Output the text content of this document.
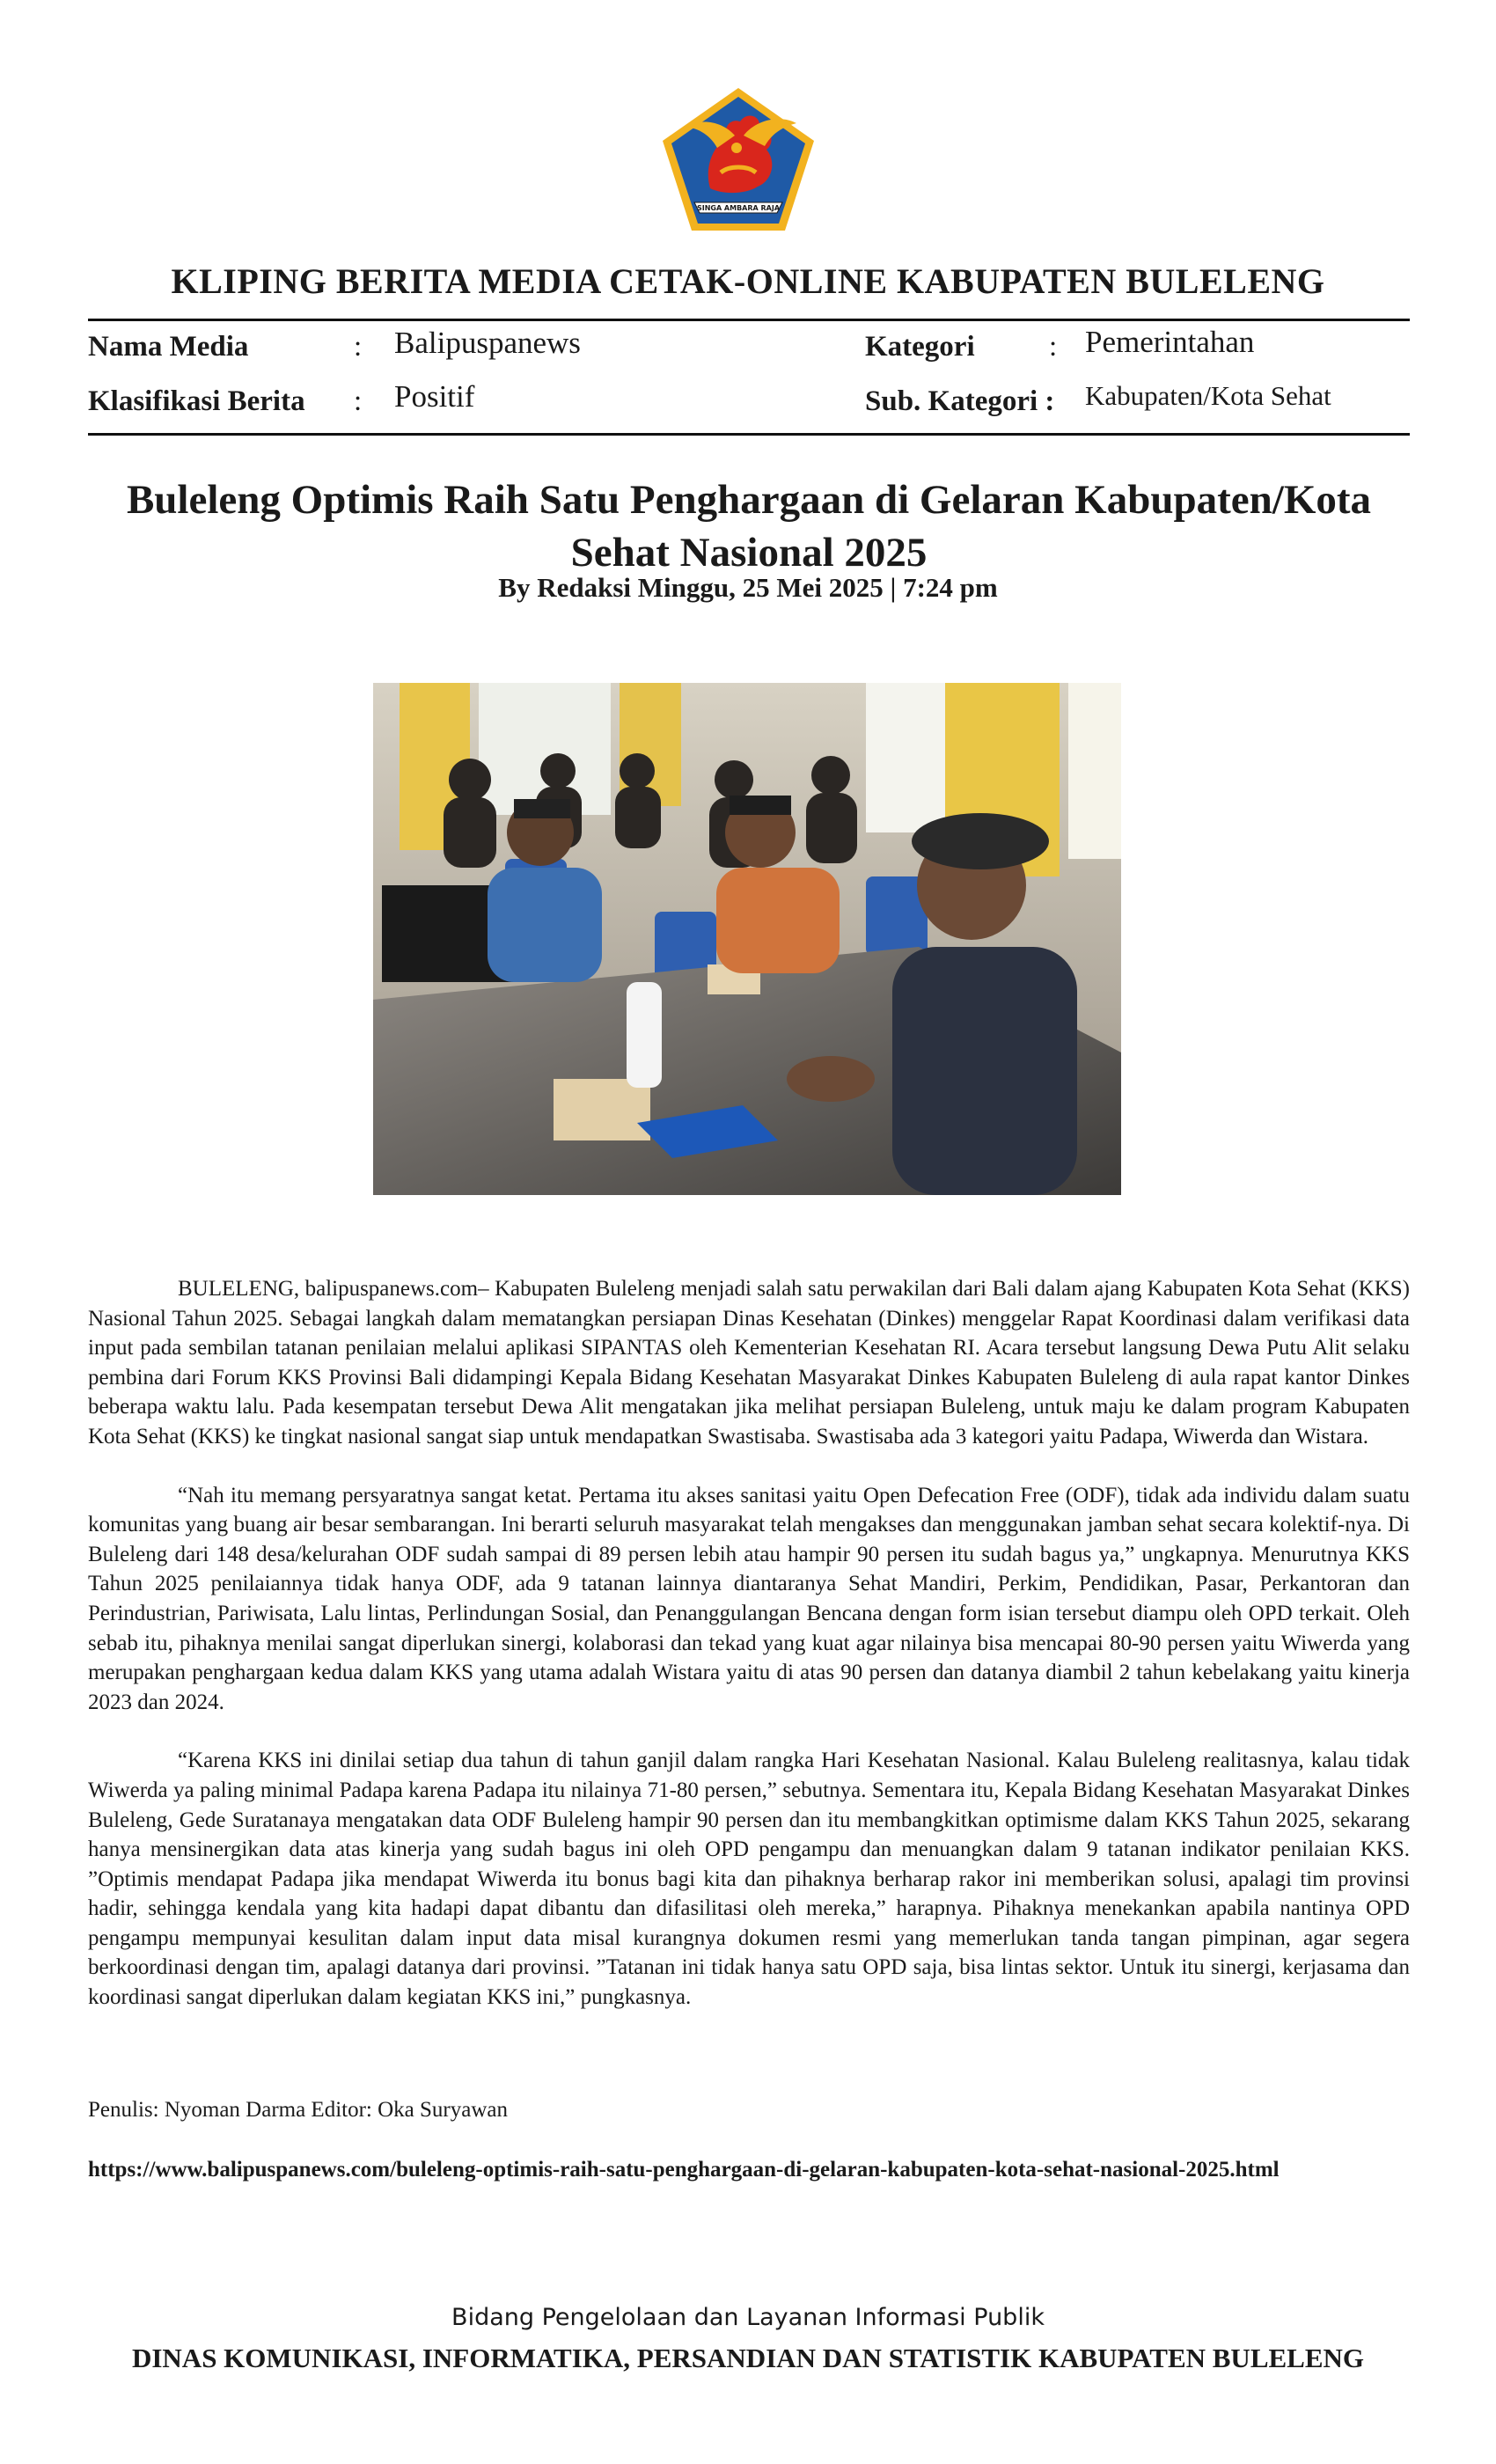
SINGA AMBARA RAJA
KLIPING BERITA MEDIA CETAK-ONLINE KABUPATEN BULELENG
Nama Media	: Balipuspanews	Kategori	: Pemerintahan
Klasifikasi Berita : Positif	Sub. Kategori : Kabupaten/Kota Sehat
Buleleng Optimis Raih Satu Penghargaan di Gelaran Kabupaten/Kota Sehat Nasional 2025
By Redaksi Minggu, 25 Mei 2025 | 7:24 pm

BULELENG, balipuspanews.com– Kabupaten Buleleng menjadi salah satu perwakilan dari Bali dalam ajang Kabupaten Kota Sehat (KKS) Nasional Tahun 2025. Sebagai langkah dalam mematangkan persiapan Dinas Kesehatan (Dinkes) menggelar Rapat Koordinasi dalam verifikasi data input pada sembilan tatanan penilaian melalui aplikasi SIPANTAS oleh Kementerian Kesehatan RI. Acara tersebut langsung Dewa Putu Alit selaku pembina dari Forum KKS Provinsi Bali didampingi Kepala Bidang Kesehatan Masyarakat Dinkes Kabupaten Buleleng di aula rapat kantor Dinkes beberapa waktu lalu. Pada kesempatan tersebut Dewa Alit mengatakan jika melihat persiapan Buleleng, untuk maju ke dalam program Kabupaten Kota Sehat (KKS) ke tingkat nasional sangat siap untuk mendapatkan Swastisaba. Swastisaba ada 3 kategori yaitu Padapa, Wiwerda dan Wistara.

“Nah itu memang persyaratnya sangat ketat. Pertama itu akses sanitasi yaitu Open Defecation Free (ODF), tidak ada individu dalam suatu komunitas yang buang air besar sembarangan. Ini berarti seluruh masyarakat telah mengakses dan menggunakan jamban sehat secara kolektif-nya. Di Buleleng dari 148 desa/kelurahan ODF sudah sampai di 89 persen lebih atau hampir 90 persen itu sudah bagus ya,” ungkapnya. Menurutnya KKS Tahun 2025 penilaiannya tidak hanya ODF, ada 9 tatanan lainnya diantaranya Sehat Mandiri, Perkim, Pendidikan, Pasar, Perkantoran dan Perindustrian, Pariwisata, Lalu lintas, Perlindungan Sosial, dan Penanggulangan Bencana dengan form isian tersebut diampu oleh OPD terkait. Oleh sebab itu, pihaknya menilai sangat diperlukan sinergi, kolaborasi dan tekad yang kuat agar nilainya bisa mencapai 80-90 persen yaitu Wiwerda yang merupakan penghargaan kedua dalam KKS yang utama adalah Wistara yaitu di atas 90 persen dan datanya diambil 2 tahun kebelakang yaitu kinerja 2023 dan 2024.

“Karena KKS ini dinilai setiap dua tahun di tahun ganjil dalam rangka Hari Kesehatan Nasional. Kalau Buleleng realitasnya, kalau tidak Wiwerda ya paling minimal Padapa karena Padapa itu nilainya 71-80 persen,” sebutnya. Sementara itu, Kepala Bidang Kesehatan Masyarakat Dinkes Buleleng, Gede Suratanaya mengatakan data ODF Buleleng hampir 90 persen dan itu membangkitkan optimisme dalam KKS Tahun 2025, sekarang hanya mensinergikan data atas kinerja yang sudah bagus ini oleh OPD pengampu dan menuangkan dalam 9 tatanan indikator penilaian KKS. ”Optimis mendapat Padapa jika mendapat Wiwerda itu bonus bagi kita dan pihaknya berharap rakor ini memberikan solusi, apalagi tim provinsi hadir, sehingga kendala yang kita hadapi dapat dibantu dan difasilitasi oleh mereka,” harapnya. Pihaknya menekankan apabila nantinya OPD pengampu mempunyai kesulitan dalam input data misal kurangnya dokumen resmi yang memerlukan tanda tangan pimpinan, agar segera berkoordinasi dengan tim, apalagi datanya dari provinsi. ”Tatanan ini tidak hanya satu OPD saja, bisa lintas sektor. Untuk itu sinergi, kerjasama dan koordinasi sangat diperlukan dalam kegiatan KKS ini,” pungkasnya.

Penulis: Nyoman Darma Editor: Oka Suryawan
https://www.balipuspanews.com/buleleng-optimis-raih-satu-penghargaan-di-gelaran-kabupaten-kota-sehat-nasional-2025.html
Bidang Pengelolaan dan Layanan Informasi Publik
DINAS KOMUNIKASI, INFORMATIKA, PERSANDIAN DAN STATISTIK KABUPATEN BULELENG
